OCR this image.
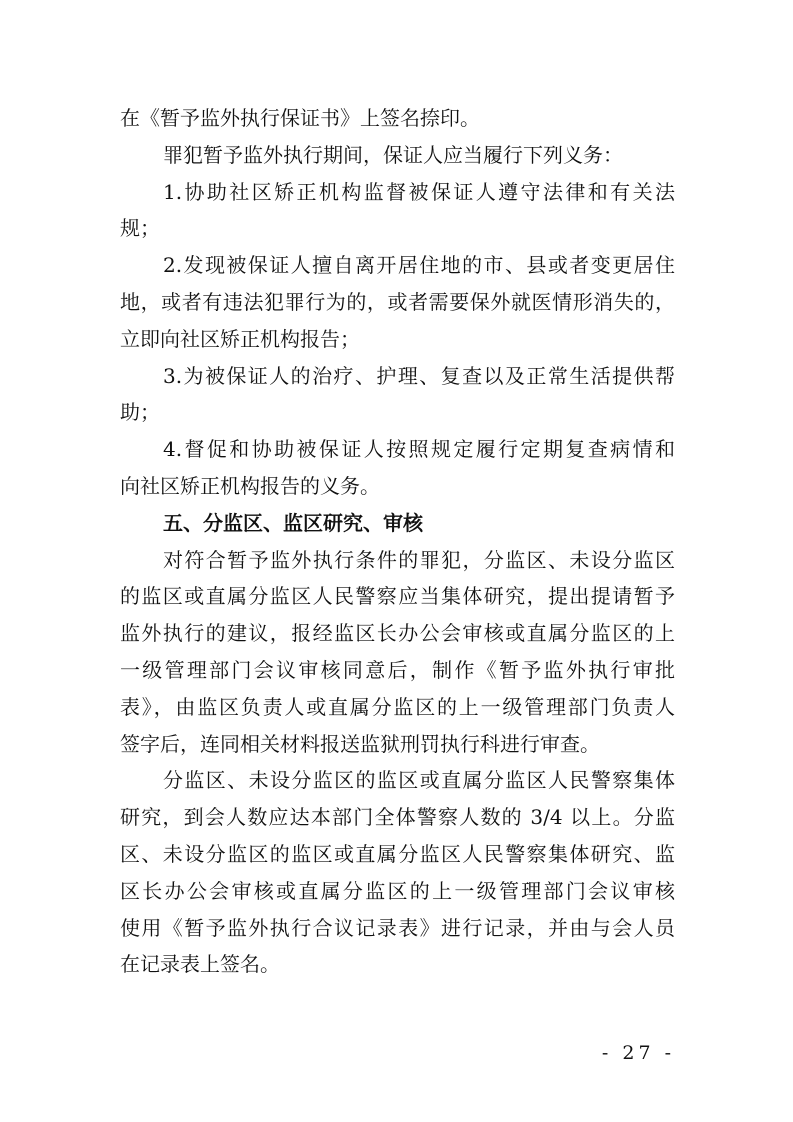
在《暂予监外执行保证书》上签名捺印。
罪犯暂予监外执行期间，保证人应当履行下列义务：
1.协助社区矫正机构监督被保证人遵守法律和有关法
规；
2.发现被保证人擅自离开居住地的市、县或者变更居住
地，或者有违法犯罪行为的，或者需要保外就医情形消失的，
立即向社区矫正机构报告；
3.为被保证人的治疗、护理、复查以及正常生活提供帮
助；
4.督促和协助被保证人按照规定履行定期复查病情和
向社区矫正机构报告的义务。
五、分监区、监区研究、审核
对符合暂予监外执行条件的罪犯，分监区、未设分监区
的监区或直属分监区人民警察应当集体研究，提出提请暂予
监外执行的建议，报经监区长办公会审核或直属分监区的上
一级管理部门会议审核同意后，制作《暂予监外执行审批
表》，由监区负责人或直属分监区的上一级管理部门负责人
签字后，连同相关材料报送监狱刑罚执行科进行审查。
分监区、未设分监区的监区或直属分监区人民警察集体
研究，到会人数应达本部门全体警察人数的 3/4 以上。分监
区、未设分监区的监区或直属分监区人民警察集体研究、监
区长办公会审核或直属分监区的上一级管理部门会议审核
使用《暂予监外执行合议记录表》进行记录，并由与会人员
在记录表上签名。
- 27 -
